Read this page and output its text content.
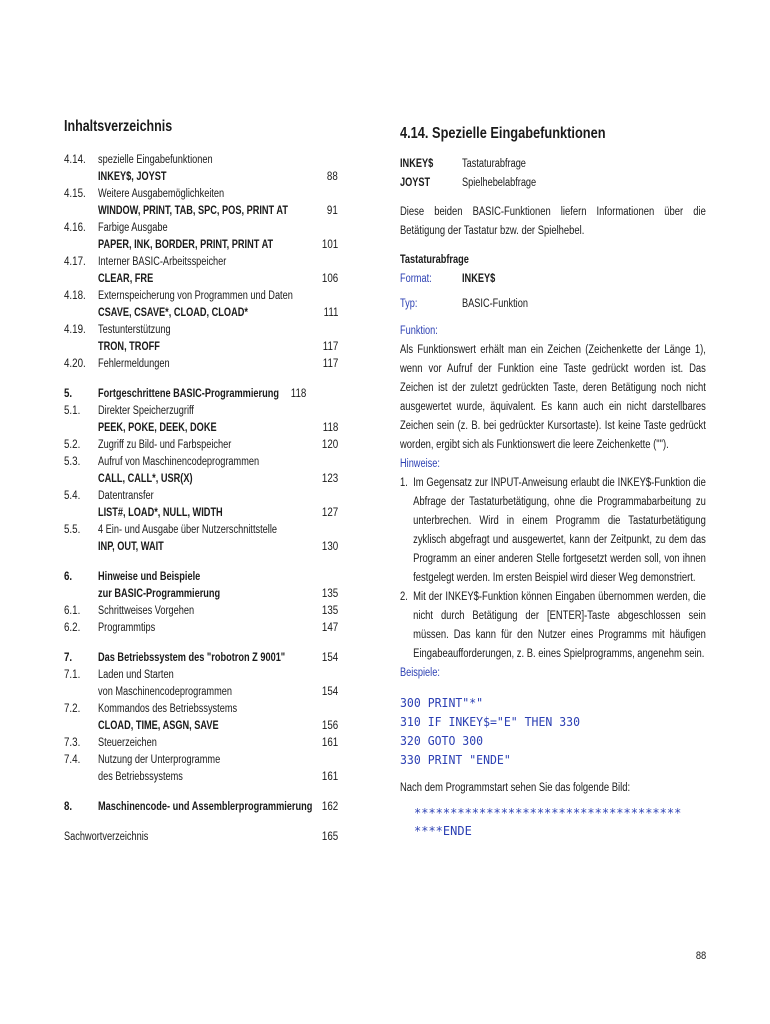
Inhaltsverzeichnis
4.14. spezielle Eingabefunktionen
INKEY$, JOYST	88
4.15. Weitere Ausgabemöglichkeiten
WINDOW, PRINT, TAB, SPC, POS, PRINT AT	91
4.16. Farbige Ausgabe
PAPER, INK, BORDER, PRINT, PRINT AT	101
4.17. Interner BASIC-Arbeitsspeicher
CLEAR, FRE	106
4.18. Externspeicherung von Programmen und Daten
CSAVE, CSAVE*, CLOAD, CLOAD*	111
4.19. Testunterstützung
TRON, TROFF	117
4.20. Fehlermeldungen	117
5. Fortgeschrittene BASIC-Programmierung 118
5.1. Direkter Speicherzugriff
PEEK, POKE, DEEK, DOKE	118
5.2. Zugriff zu Bild- und Farbspeicher	120
5.3. Aufruf von Maschinencodeprogrammen
CALL, CALL*, USR(X)	123
5.4. Datentransfer
LIST#, LOAD*, NULL, WIDTH	127
5.5. 4 Ein- und Ausgabe über Nutzerschnittstelle
INP, OUT, WAIT	130
6. Hinweise und Beispiele
zur BASIC-Programmierung	135
6.1. Schrittweises Vorgehen	135
6.2. Programmtips	147
7. Das Betriebssystem des "robotron Z 9001"	154
7.1. Laden und Starten
von Maschinencodeprogrammen	154
7.2. Kommandos des Betriebssystems
CLOAD, TIME, ASGN, SAVE	156
7.3. Steuerzeichen	161
7.4. Nutzung der Unterprogramme
des Betriebssystems	161
8. Maschinencode- und Assemblerprogrammierung 162
Sachwortverzeichnis	165
4.14. Spezielle Eingabefunktionen
INKEY$	Tastaturabfrage
JOYST	Spielhebelabfrage
Diese beiden BASIC-Funktionen liefern Informationen über die Betätigung der Tastatur bzw. der Spielhebel.
Tastaturabfrage
Format:	INKEY$
Typ:	BASIC-Funktion
Funktion:
Als Funktionswert erhält man ein Zeichen (Zeichenkette der Länge 1), wenn vor Aufruf der Funktion eine Taste gedrückt worden ist. Das Zeichen ist der zuletzt gedrückten Taste, deren Betätigung noch nicht ausgewertet wurde, äquivalent. Es kann auch ein nicht darstellbares Zeichen sein (z. B. bei gedrückter Kursortaste). Ist keine Taste gedrückt worden, ergibt sich als Funktionswert die leere Zeichenkette ("").
Hinweise:
1. Im Gegensatz zur INPUT-Anweisung erlaubt die INKEY$-Funktion die Abfrage der Tastaturbetätigung, ohne die Programmabarbeitung zu unterbrechen. Wird in einem Programm die Tastaturbetätigung zyklisch abgefragt und ausgewertet, kann der Zeitpunkt, zu dem das Programm an einer anderen Stelle fortgesetzt werden soll, von ihnen festgelegt werden. Im ersten Beispiel wird dieser Weg demonstriert.
2. Mit der INKEY$-Funktion können Eingaben übernommen werden, die nicht durch Betätigung der [ENTER]-Taste abgeschlossen sein müssen. Das kann für den Nutzer eines Programms mit häufigen Eingabeaufforderungen, z. B. eines Spielprogramms, angenehm sein.
Beispiele:
300 PRINT"*"
310 IF INKEY$="E" THEN 330
320 GOTO 300
330 PRINT "ENDE"
Nach dem Programmstart sehen Sie das folgende Bild:
*************************************
****ENDE
88
